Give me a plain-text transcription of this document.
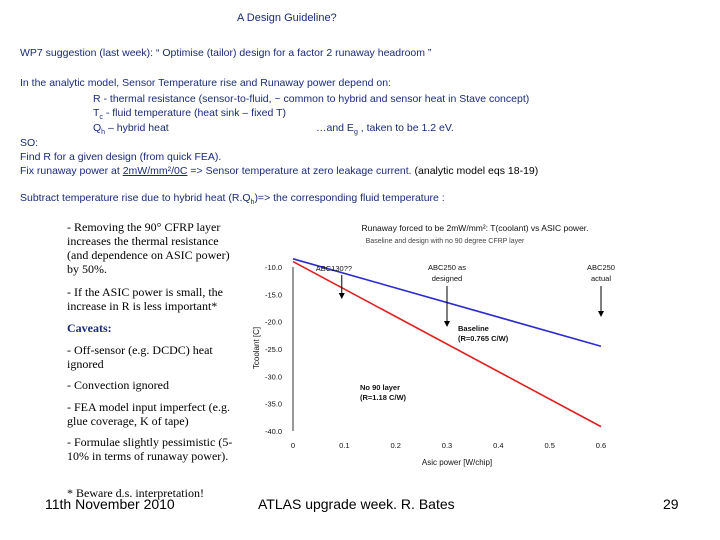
A Design Guideline?
WP7 suggestion (last week): “ Optimise (tailor) design for a factor 2 runaway headroom ”
In the analytic model, Sensor Temperature rise and Runaway power depend on:
R - thermal resistance (sensor-to-fluid, ~ common to hybrid and sensor heat in Stave concept)
$T_c$ - fluid temperature (heat sink – fixed T)
$Q_h$ – hybrid heat	…and $E_g$ , taken to be 1.2 eV.
SO:
Find R for a given design (from quick FEA).
Fix runaway power at 2mW/mm²/0C => Sensor temperature at zero leakage current. (analytic model eqs 18-19)
Subtract temperature rise due to hybrid heat $(R.Q_h)=>$ the corresponding fluid temperature :
- Removing the 90° CFRP layer increases the thermal resistance (and dependence on ASIC power) by 50%.
- If the ASIC power is small, the increase in R is less important*
Caveats:
- Off-sensor (e.g. DCDC) heat ignored
- Convection ignored
- FEA model input imperfect (e.g. glue coverage, K of tape)
- Formulae slightly pessimistic (5-10% in terms of runaway power).
* Beware d.s. interpretation!
Runaway forced to be 2mW/mm²: T(coolant) vs ASIC power.
Baseline and design with no 90 degree CFRP layer
Tcoolant [C]
Asic power [W/chip]
-10.0
-15.0
-20.0
-25.0
-30.0
-35.0
-40.0
0	0.1	0.2	0.3	0.4	0.5	0.6
ABC130??	ABC250 as
designed
ABC250
actual
Baseline
(R=0.765 C/W)
No 90 layer
(R=1.18 C/W)
11th November 2010	ATLAS upgrade week. R. Bates	29
